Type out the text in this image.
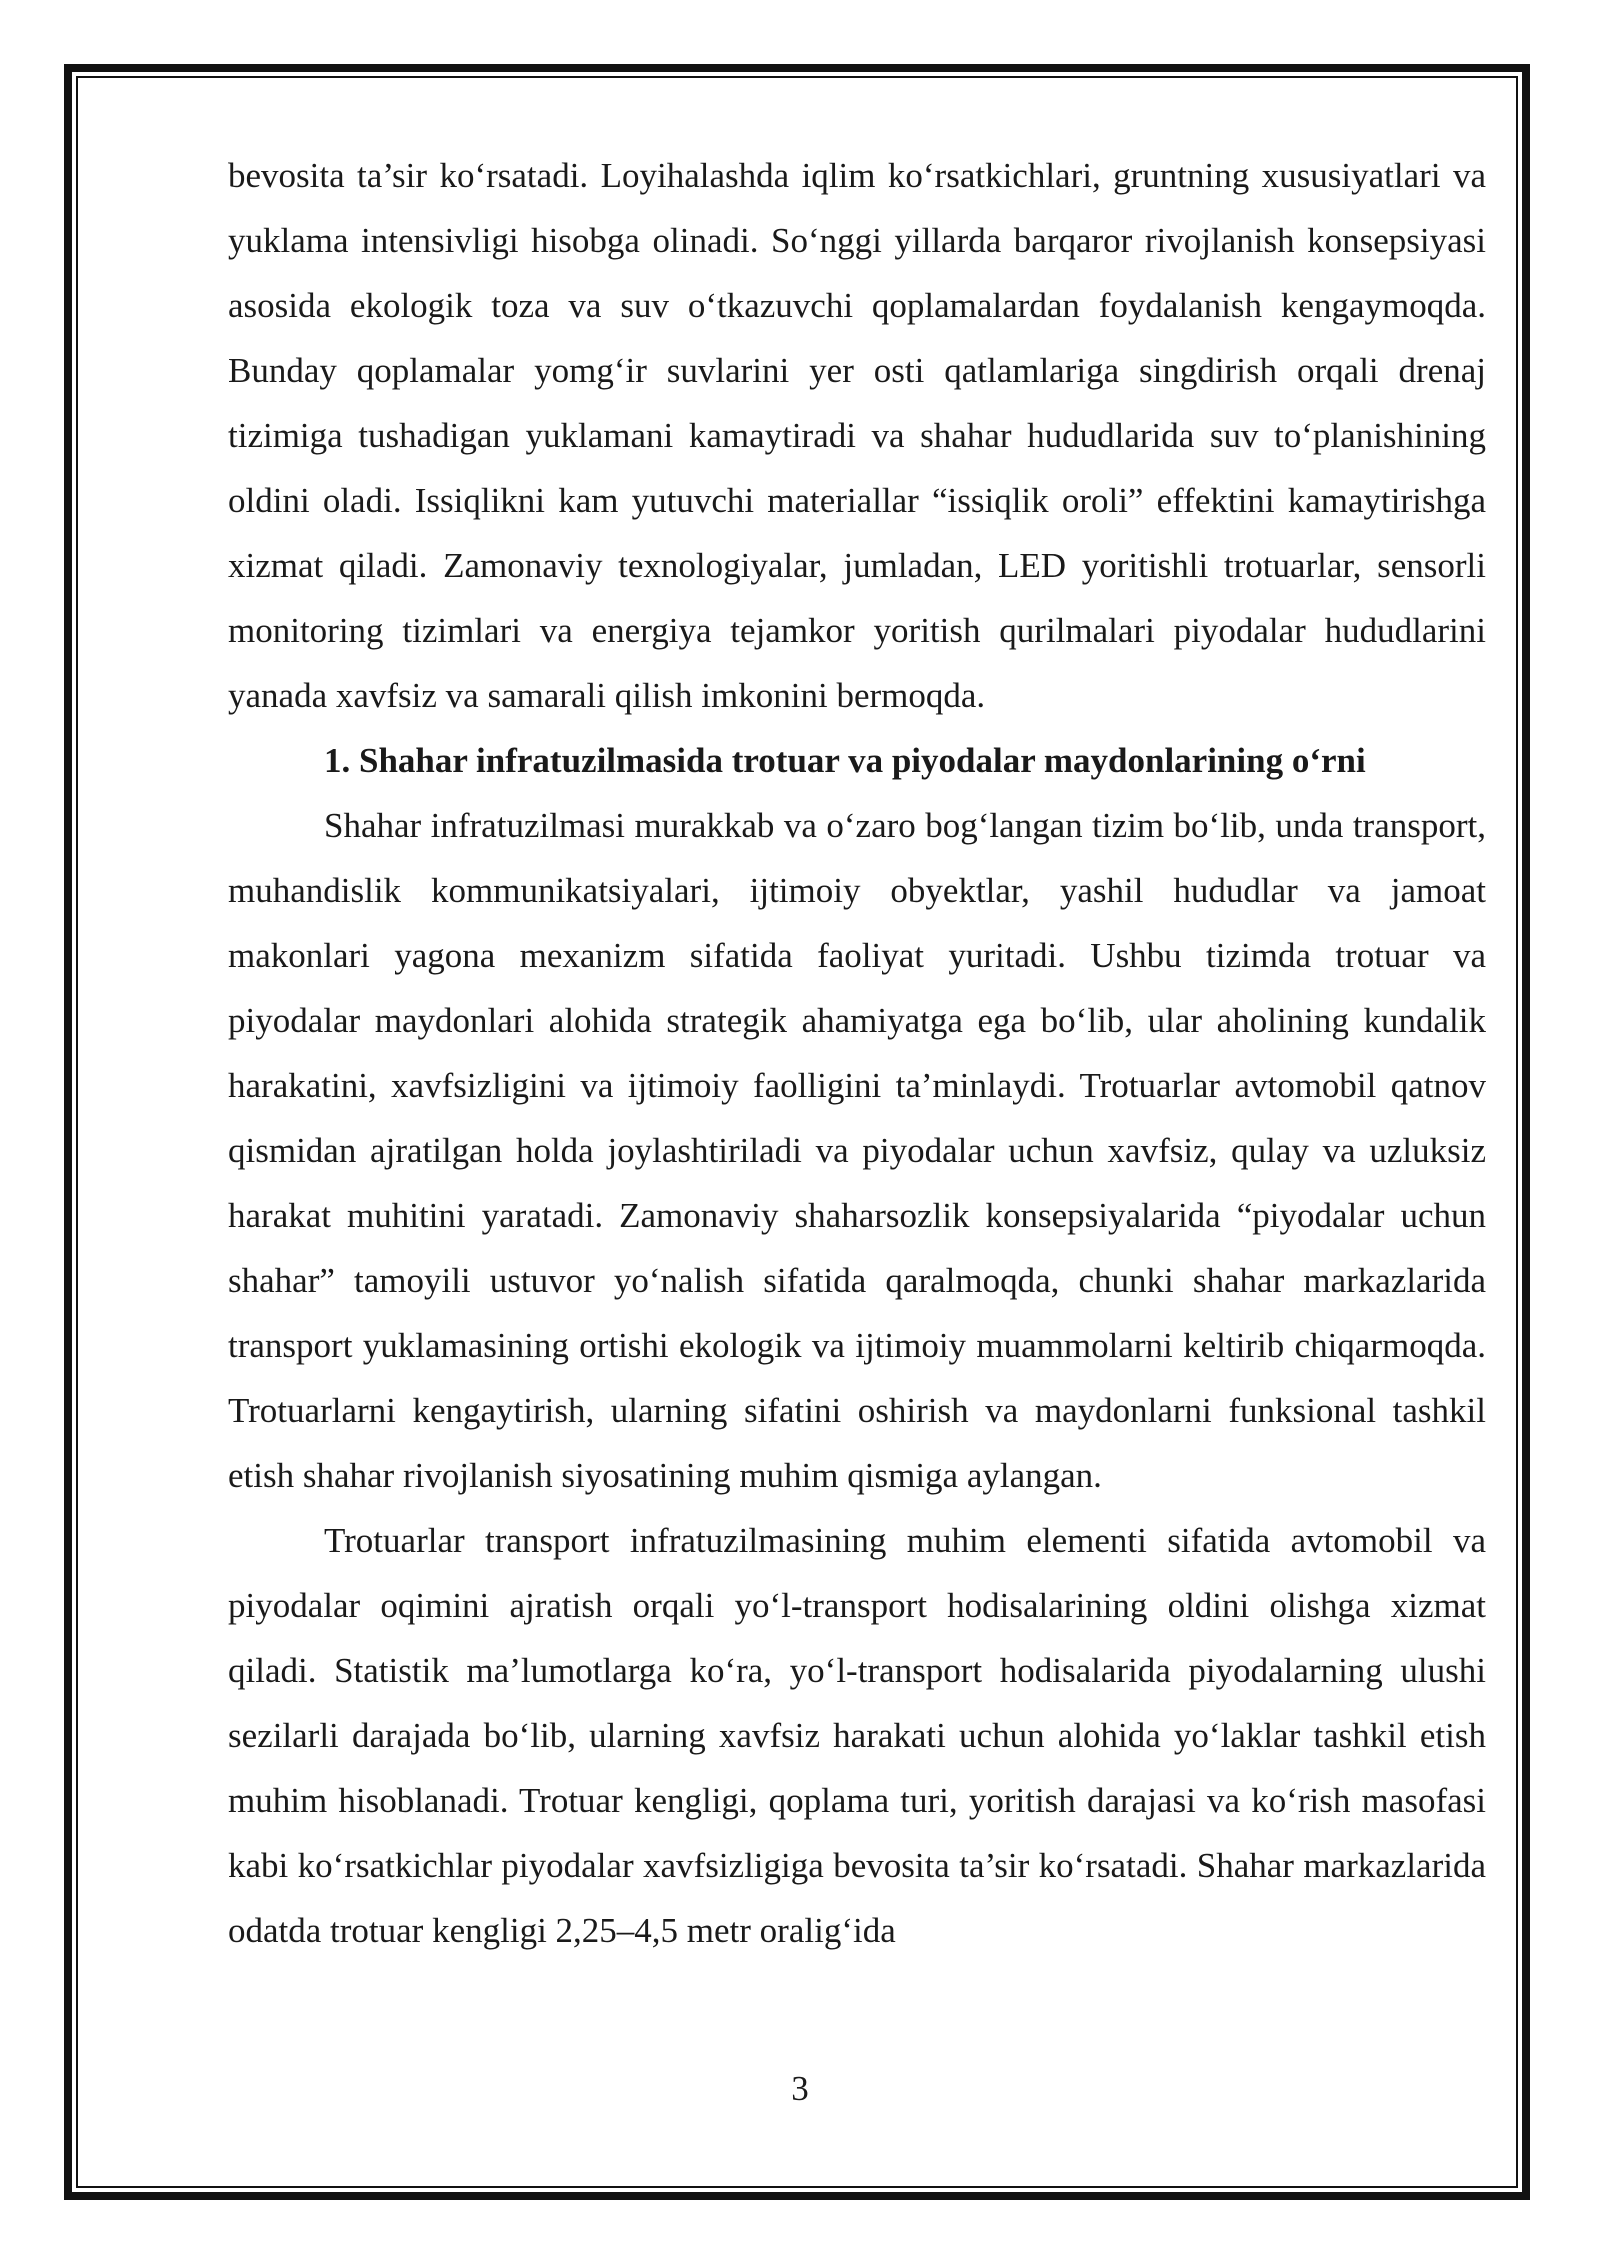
bevosita ta’sir ko‘rsatadi. Loyihalashda iqlim ko‘rsatkichlari, gruntning xususiyatlari va yuklama intensivligi hisobga olinadi. So‘nggi yillarda barqaror rivojlanish konsepsiyasi asosida ekologik toza va suv o‘tkazuvchi qoplamalardan foydalanish kengaymoqda. Bunday qoplamalar yomg‘ir suvlarini yer osti qatlamlariga singdirish orqali drenaj tizimiga tushadigan yuklamani kamaytiradi va shahar hududlarida suv to‘planishining oldini oladi. Issiqlikni kam yutuvchi materiallar “issiqlik oroli” effektini kamaytirishga xizmat qiladi. Zamonaviy texnologiyalar, jumladan, LED yoritishli trotuarlar, sensorli monitoring tizimlari va energiya tejamkor yoritish qurilmalari piyodalar hududlarini yanada xavfsiz va samarali qilish imkonini bermoqda.

1. Shahar infratuzilmasida trotuar va piyodalar maydonlarining o‘rni

Shahar infratuzilmasi murakkab va o‘zaro bog‘langan tizim bo‘lib, unda transport, muhandislik kommunikatsiyalari, ijtimoiy obyektlar, yashil hududlar va jamoat makonlari yagona mexanizm sifatida faoliyat yuritadi. Ushbu tizimda trotuar va piyodalar maydonlari alohida strategik ahamiyatga ega bo‘lib, ular aholining kundalik harakatini, xavfsizligini va ijtimoiy faolligini ta’minlaydi. Trotuarlar avtomobil qatnov qismidan ajratilgan holda joylashtiriladi va piyodalar uchun xavfsiz, qulay va uzluksiz harakat muhitini yaratadi. Zamonaviy shaharsozlik konsepsiyalarida “piyodalar uchun shahar” tamoyili ustuvor yo‘nalish sifatida qaralmoqda, chunki shahar markazlarida transport yuklamasining ortishi ekologik va ijtimoiy muammolarni keltirib chiqarmoqda. Trotuarlarni kengaytirish, ularning sifatini oshirish va maydonlarni funksional tashkil etish shahar rivojlanish siyosatining muhim qismiga aylangan.

Trotuarlar transport infratuzilmasining muhim elementi sifatida avtomobil va piyodalar oqimini ajratish orqali yo‘l-transport hodisalarining oldini olishga xizmat qiladi. Statistik ma’lumotlarga ko‘ra, yo‘l-transport hodisalarida piyodalarning ulushi sezilarli darajada bo‘lib, ularning xavfsiz harakati uchun alohida yo‘laklar tashkil etish muhim hisoblanadi. Trotuar kengligi, qoplama turi, yoritish darajasi va ko‘rish masofasi kabi ko‘rsatkichlar piyodalar xavfsizligiga bevosita ta’sir ko‘rsatadi. Shahar markazlarida odatda trotuar kengligi 2,25–4,5 metr oralig‘ida

3
